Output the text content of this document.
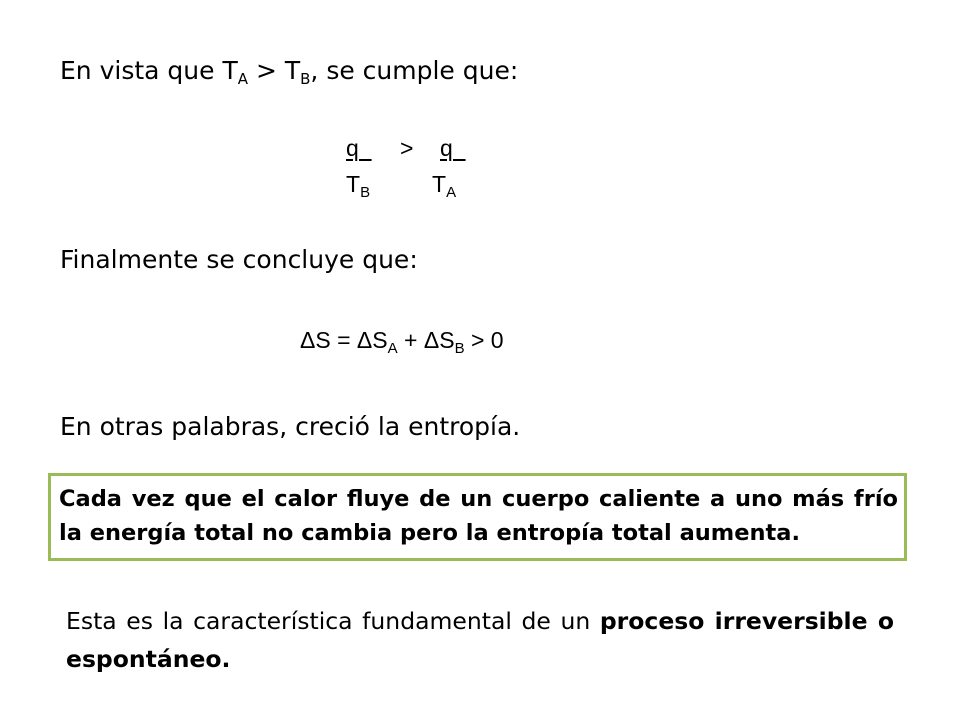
En vista que $T_A > T_B$, se cumple que:
q > q
$T_B$	$T_A$
Finalmente se concluye que:
$\Delta S = \Delta S_A + \Delta S_B > 0$
En otras palabras, creció la entropía.
Cada vez que el calor fluye de un cuerpo caliente a uno más frío la energía total no cambia pero la entropía total aumenta.
Esta es la característica fundamental de un proceso irreversible o espontáneo.
